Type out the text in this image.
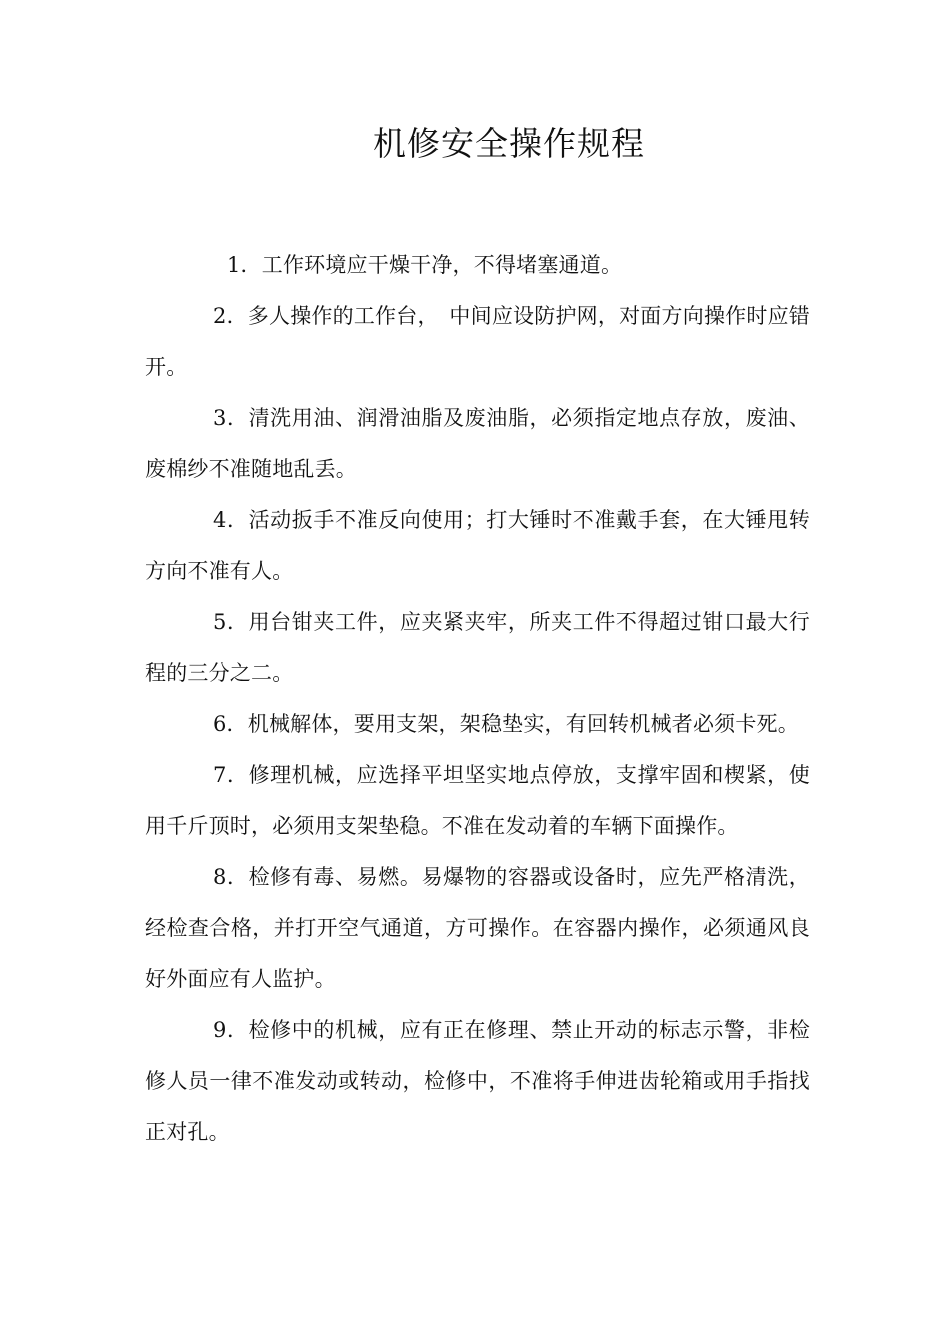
机修安全操作规程

1．工作环境应干燥干净，不得堵塞通道。

2．多人操作的工作台，　中间应设防护网，对面方向操作时应错开。

3．清洗用油、润滑油脂及废油脂，必须指定地点存放，废油、废棉纱不准随地乱丢。

4．活动扳手不准反向使用；打大锤时不准戴手套，在大锤甩转方向不准有人。

5．用台钳夹工件，应夹紧夹牢，所夹工件不得超过钳口最大行程的三分之二。

6．机械解体，要用支架，架稳垫实，有回转机械者必须卡死。

7．修理机械，应选择平坦坚实地点停放，支撑牢固和楔紧，使用千斤顶时，必须用支架垫稳。不准在发动着的车辆下面操作。

8．检修有毒、易燃。易爆物的容器或设备时，应先严格清洗，经检查合格，并打开空气通道，方可操作。在容器内操作，必须通风良好外面应有人监护。

9．检修中的机械，应有正在修理、禁止开动的标志示警，非检修人员一律不准发动或转动，检修中，不准将手伸进齿轮箱或用手指找正对孔。
